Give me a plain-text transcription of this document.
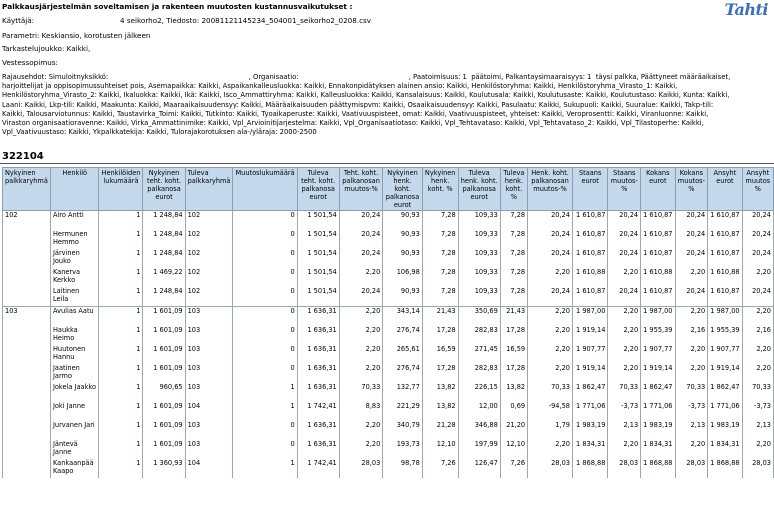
Palkkausjärjestelmän soveltamisen ja rakenteen muutosten kustannusvaikutukset :
Käyttäjä:	4 seikorho2, Tiedosto: 20081121145234_504001_seikorho2_0208.csv
Parametri: Keskiansio, korotusten jälkeen
Tarkastelujoukko: Kaikki,
Vestessopimus:
Tahti
Rajausehdot: Simuloitnyksikkö:                                                                 , Organisaatio:                                                   , Paatoimisuus: 1  päätoimi, Palkantaysimaaraisyys: 1  täysi palkka, Päättyneet määräaikaiset,
harjoittelijat ja oppisopimussuhteiset pois, Asemapaikka: Kaikki, Aspaikankalleusluokka: Kaikki, Ennakonpidätyksen alainen ansio: Kaikki, Henkilöstoryhma: Kaikki, Henkilöstoryhma_Virasto_1: Kaikki,
Henkilöstoryhma_Virasto_2: Kaikki, Ikaluokka: Kaikki, Ikä: Kaikki, Isco_Ammattiryhma: Kaikki, Kalleusluokka: Kaikki, Kansalaisuus: Kaikki, Koulutusala: Kaikki, Koulutusaste: Kaikki, Koulutustaso: Kaikki, Kunta: Kaikki,
Laani: Kaikki, Lkp-tili: Kaikki, Maakunta: Kaikki, Maaraaikaisuudensyy: Kaikki, Määräaikaisuuden päättymispvm: Kaikki, Osaaikaisuudensyy: Kaikki, Pasulaatu: Kaikki, Sukupuoli: Kaikki, Suuralue: Kaikki, Takp-tili:
Kaikki, Talousarviotunnus: Kaikki, Taustavirka_Toimi: Kaikki, Tutkinto: Kaikki, Tyoaikaperuste: Kaikki, Vaativuuspisteet, omat: Kaikki, Vaativuuspisteet, yhteiset: Kaikki, Veroprosentti: Kaikki, Viranluonne: Kaikki,
Viraston organisaatioravenne: Kaikki, Virka_Ammattinimike: Kaikki, Vpl_Arvioinitijarjestelma: Kaikki, Vpl_Organisaatiotaso: Kaikki, Vpl_Tehtavataso: Kaikki, Vpl_Tehtavataso_2: Kaikki, Vpl_Tilastoperhe: Kaikki,
Vpl_Vaativuustaso: Kaikki, Ykpalkkatekija: Kaikki, Tulorajakorotuksen ala-/yläraja: 2000-2500
322104
Nykyinen palkkaryhmä	Henkilö	Henkilöiden lukumäärä	Nykyinen teht. koht. palkanosa eurot	Tuleva palkkaryhmä	Muutoslukumäärä	Tuleva teht. koht. palkanosa eurot	Teht. koht. palkanosan muutos-%	Nykyinen henk. koht. palkanosa eurot	Nykyinen henk. koht. %	Tuleva henk. koht. palkanosa eurot	Tuleva henk. koht. %	Henk. koht. palkanosan muutos-%	Staans eurot	Staans muutos-%	Kokans eurot	Kokans muutos-%	Ansyht eurot	Ansyht muutos %
102	Airo Antti	1	1 248,84	102	0	1 501,54	20,24	90,93	7,28	109,33	7,28	20,24	1 610,87	20,24	1 610,87	20,24	1 610,87	20,24
	Hermunen Hemmo	1	1 248,84	102	0	1 501,54	20,24	90,93	7,28	109,33	7,28	20,24	1 610,87	20,24	1 610,87	20,24	1 610,87	20,24
	Järvinen Jouko	1	1 248,84	102	0	1 501,54	20,24	90,93	7,28	109,33	7,28	20,24	1 610,87	20,24	1 610,87	20,24	1 610,87	20,24
	Kanerva Kerkko	1	1 469,22	102	0	1 501,54	2,20	106,98	7,28	109,33	7,28	2,20	1 610,88	2,20	1 610,88	2,20	1 610,88	2,20
	Laitinen Leila	1	1 248,84	102	0	1 501,54	20,24	90,93	7,28	109,33	7,28	20,24	1 610,87	20,24	1 610,87	20,24	1 610,87	20,24
103	Avulias Aatu	1	1 601,09	103	0	1 636,31	2,20	343,14	21,43	350,69	21,43	2,20	1 987,00	2,20	1 987,00	2,20	1 987,00	2,20
	Haukka Heimo	1	1 601,09	103	0	1 636,31	2,20	276,74	17,28	282,83	17,28	2,20	1 919,14	2,20	1 955,39	2,16	1 955,39	2,16
	Huutonen Hannu	1	1 601,09	103	0	1 636,31	2,20	265,61	16,59	271,45	16,59	2,20	1 907,77	2,20	1 907,77	2,20	1 907,77	2,20
	Jaatinen Jarmo	1	1 601,09	103	0	1 636,31	2,20	276,74	17,28	282,83	17,28	2,20	1 919,14	2,20	1 919,14	2,20	1 919,14	2,20
	Jokela Jaakko	1	960,65	103	1	1 636,31	70,33	132,77	13,82	226,15	13,82	70,33	1 862,47	70,33	1 862,47	70,33	1 862,47	70,33
	Joki Janne	1	1 601,09	104	1	1 742,41	8,83	221,29	13,82	12,00	0,69	-94,58	1 771,06	-3,73	1 771,06	-3,73	1 771,06	-3,73
	Jurvanen Jari	1	1 601,09	103	0	1 636,31	2,20	340,79	21,28	346,88	21,20	1,79	1 983,19	2,13	1 983,19	2,13	1 983,19	2,13
	Jäntevä Janne	1	1 601,09	103	0	1 636,31	2,20	193,73	12,10	197,99	12,10	2,20	1 834,31	2,20	1 834,31	2,20	1 834,31	2,20
	Kankaanpää Kaapo	1	1 360,93	104	1	1 742,41	28,03	98,78	7,26	126,47	7,26	28,03	1 868,88	28,03	1 868,88	28,03	1 868,88	28,03
